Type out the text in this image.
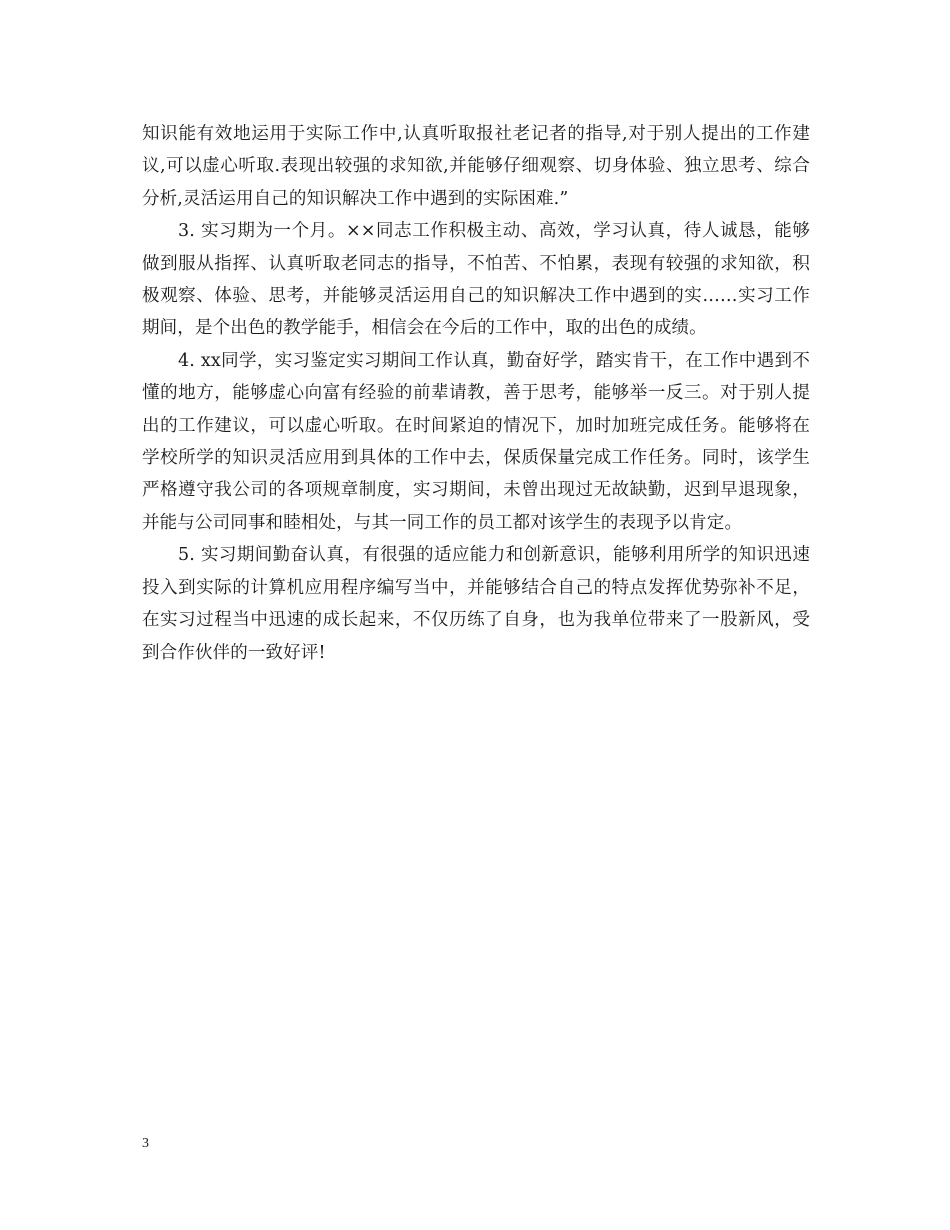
知识能有效地运用于实际工作中,认真听取报社老记者的指导,对于别人提出的工作建议,可以虚心听取.表现出较强的求知欲,并能够仔细观察、切身体验、独立思考、综合分析,灵活运用自己的知识解决工作中遇到的实际困难.”

3. 实习期为一个月。××同志工作积极主动、高效，学习认真，待人诚恳，能够做到服从指挥、认真听取老同志的指导，不怕苦、不怕累，表现有较强的求知欲，积极观察、体验、思考，并能够灵活运用自己的知识解决工作中遇到的实……实习工作期间，是个出色的教学能手，相信会在今后的工作中，取的出色的成绩。

4. xx同学，实习鉴定实习期间工作认真，勤奋好学，踏实肯干，在工作中遇到不懂的地方，能够虚心向富有经验的前辈请教，善于思考，能够举一反三。对于别人提出的工作建议，可以虚心听取。在时间紧迫的情况下，加时加班完成任务。能够将在学校所学的知识灵活应用到具体的工作中去，保质保量完成工作任务。同时，该学生严格遵守我公司的各项规章制度，实习期间，未曾出现过无故缺勤，迟到早退现象，并能与公司同事和睦相处，与其一同工作的员工都对该学生的表现予以肯定。

5. 实习期间勤奋认真，有很强的适应能力和创新意识，能够利用所学的知识迅速投入到实际的计算机应用程序编写当中，并能够结合自己的特点发挥优势弥补不足，在实习过程当中迅速的成长起来，不仅历练了自身，也为我单位带来了一股新风，受到合作伙伴的一致好评!

3
